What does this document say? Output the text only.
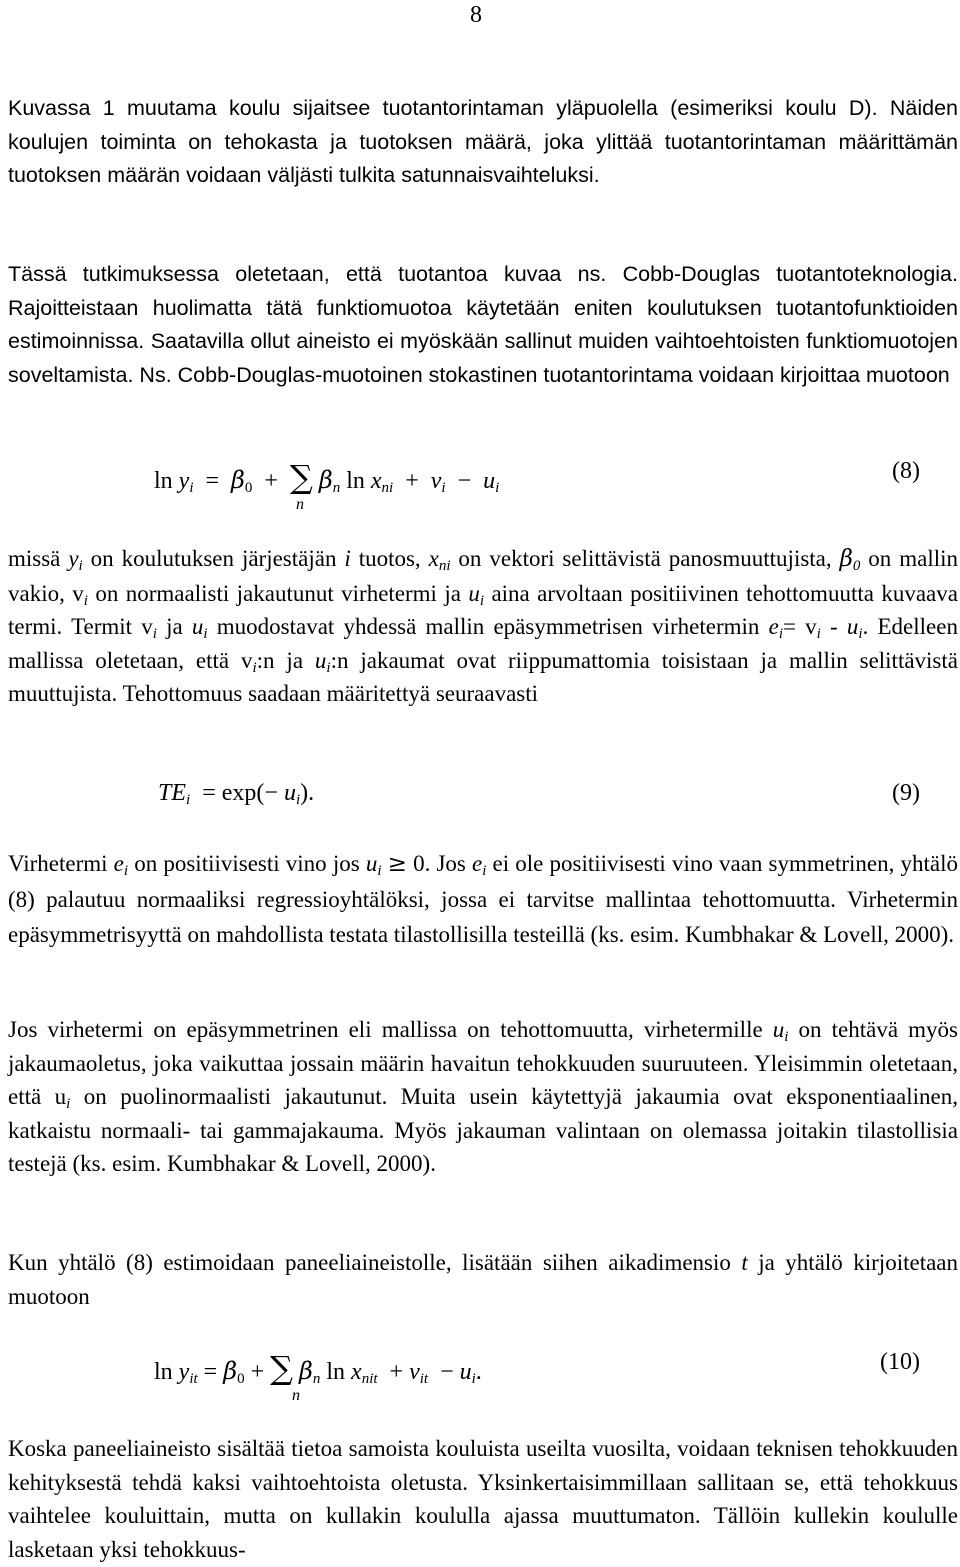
8

Kuvassa 1 muutama koulu sijaitsee tuotantorintaman yläpuolella (esimeriksi koulu D). Näiden koulujen toiminta on tehokasta ja tuotoksen määrä, joka ylittää tuotantorintaman määrittämän tuotoksen määrän voidaan väljästi tulkita satunnaisvaihteluksi.

Tässä tutkimuksessa oletetaan, että tuotantoa kuvaa ns. Cobb-Douglas tuotantoteknologia. Rajoitteistaan huolimatta tätä funktiomuotoa käytetään eniten koulutuksen tuotantofunktioiden estimoinnissa. Saatavilla ollut aineisto ei myöskään sallinut muiden vaihtoehtoisten funktiomuotojen soveltamista. Ns. Cobb-Douglas-muotoinen stokastinen tuotantorintama voidaan kirjoittaa muotoon

$\ln y_i = \beta_0$ + ∑ $\beta_n$ $\ln x_{ni} + v_i - u_i$
n
(8)

missä $y_i$ on koulutuksen järjestäjän i tuotos, $x_{ni}$ on vektori selittävistä panosmuuttujista, $\beta_0$ on mallin vakio, $v_i$ on normaalisti jakautunut virhetermi ja $u_i$ aina arvoltaan positiivinen tehottomuutta kuvaava termi. Termit $v_i$ ja $u_i$ muodostavat yhdessä mallin epäsymmetrisen virhetermin $e_i= v_i - u_i$. Edelleen mallissa oletetaan, että $v_i:n$ ja $u_i:n$ jakaumat ovat riippumattomia toisistaan ja mallin selittävistä muuttujista. Tehottomuus saadaan määritettyä seuraavasti

$TE_i = \exp(- u_i)$.	(9)

Virhetermi $e_i$ on positiivisesti vino jos $u_i \ge 0$. Jos $e_i$ ei ole positiivisesti vino vaan symmetrinen, yhtälö (8) palautuu normaaliksi regressioyhtälöksi, jossa ei tarvitse mallintaa tehottomuutta. Virhetermin epäsymmetrisyyttä on mahdollista testata tilastollisilla testeillä (ks. esim. Kumbhakar & Lovell, 2000).

Jos virhetermi on epäsymmetrinen eli mallissa on tehottomuutta, virhetermille $u_i$ on tehtävä myös jakaumaoletus, joka vaikuttaa jossain määrin havaitun tehokkuuden suuruuteen. Yleisimmin oletetaan, että $u_i$ on puolinormaalisti jakautunut. Muita usein käytettyjä jakaumia ovat eksponentiaalinen, katkaistu normaali- tai gammajakauma. Myös jakauman valintaan on olemassa joitakin tilastollisia testejä (ks. esim. Kumbhakar & Lovell, 2000).

Kun yhtälö (8) estimoidaan paneeliaineistolle, lisätään siihen aikadimensio t ja yhtälö kirjoitetaan muotoon

$\ln y_{it} = \beta_0$ + ∑ $\beta_n$ $\ln x_{nit} + v_{it} - u_i$.
n
(10)

Koska paneeliaineisto sisältää tietoa samoista kouluista useilta vuosilta, voidaan teknisen tehokkuuden kehityksestä tehdä kaksi vaihtoehtoista oletusta. Yksinkertaisimmillaan sallitaan se, että tehokkuus vaihtelee kouluittain, mutta on kullakin koululla ajassa muuttumaton. Tällöin kullekin koululle lasketaan yksi tehokkuus-
